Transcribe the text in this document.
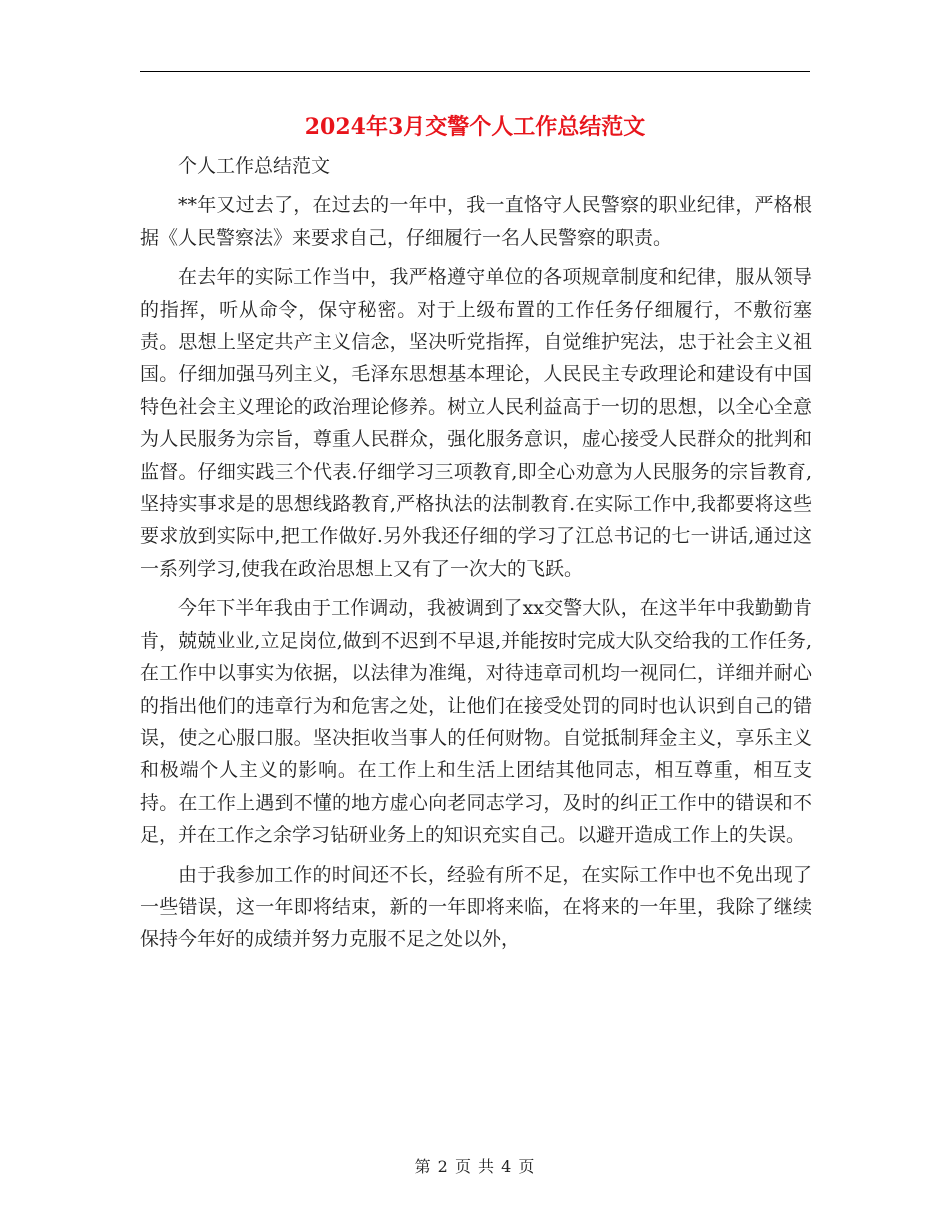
2024年3月交警个人工作总结范文

个人工作总结范文

**年又过去了，在过去的一年中，我一直恪守人民警察的职业纪律，严格根据《人民警察法》来要求自己，仔细履行一名人民警察的职责。

在去年的实际工作当中，我严格遵守单位的各项规章制度和纪律，服从领导的指挥，听从命令，保守秘密。对于上级布置的工作任务仔细履行，不敷衍塞责。思想上坚定共产主义信念，坚决听党指挥，自觉维护宪法，忠于社会主义祖国。仔细加强马列主义，毛泽东思想基本理论，人民民主专政理论和建设有中国特色社会主义理论的政治理论修养。树立人民利益高于一切的思想，以全心全意为人民服务为宗旨，尊重人民群众，强化服务意识，虚心接受人民群众的批判和监督。仔细实践三个代表.仔细学习三项教育,即全心劝意为人民服务的宗旨教育,坚持实事求是的思想线路教育,严格执法的法制教育.在实际工作中,我都要将这些要求放到实际中,把工作做好.另外我还仔细的学习了江总书记的七一讲话,通过这一系列学习,使我在政治思想上又有了一次大的飞跃。

今年下半年我由于工作调动，我被调到了xx交警大队，在这半年中我勤勤肯肯，兢兢业业,立足岗位,做到不迟到不早退,并能按时完成大队交给我的工作任务,在工作中以事实为依据，以法律为准绳，对待违章司机均一视同仁，详细并耐心的指出他们的违章行为和危害之处，让他们在接受处罚的同时也认识到自己的错误，使之心服口服。坚决拒收当事人的任何财物。自觉抵制拜金主义，享乐主义和极端个人主义的影响。在工作上和生活上团结其他同志，相互尊重，相互支持。在工作上遇到不懂的地方虚心向老同志学习，及时的纠正工作中的错误和不足，并在工作之余学习钻研业务上的知识充实自己。以避开造成工作上的失误。

由于我参加工作的时间还不长，经验有所不足，在实际工作中也不免出现了一些错误，这一年即将结束，新的一年即将来临，在将来的一年里，我除了继续保持今年好的成绩并努力克服不足之处以外，

第 2 页 共 4 页
